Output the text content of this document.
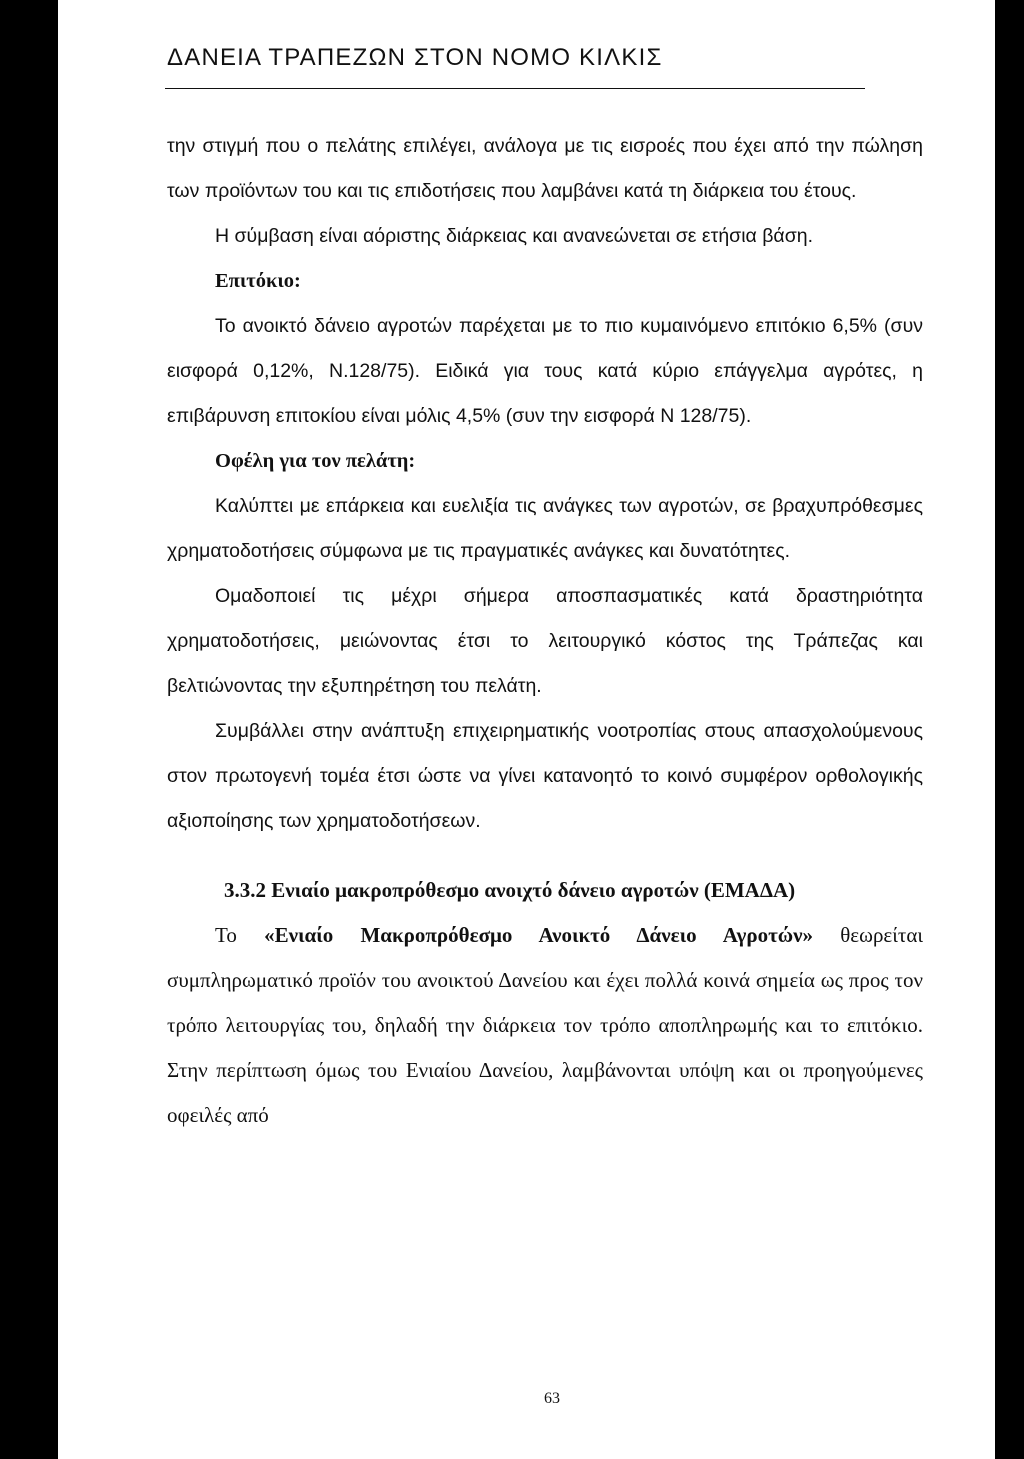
ΔΑΝΕΙΑ ΤΡΑΠΕΖΩΝ ΣΤΟΝ ΝΟΜΟ ΚΙΛΚΙΣ

την στιγμή που ο πελάτης επιλέγει, ανάλογα με τις εισροές που έχει από την πώληση των προϊόντων του και τις επιδοτήσεις που λαμβάνει κατά τη διάρκεια του έτους.

Η σύμβαση είναι αόριστης διάρκειας και ανανεώνεται σε ετήσια βάση.

Επιτόκιο:

Το ανοικτό δάνειο αγροτών παρέχεται με το πιο κυμαινόμενο επιτόκιο 6,5% (συν εισφορά 0,12%, Ν.128/75). Ειδικά για τους κατά κύριο επάγγελμα αγρότες, η επιβάρυνση επιτοκίου είναι μόλις 4,5% (συν την εισφορά Ν 128/75).

Οφέλη για τον πελάτη:

Καλύπτει με επάρκεια και ευελιξία τις ανάγκες των αγροτών, σε βραχυπρόθεσμες χρηματοδοτήσεις σύμφωνα με τις πραγματικές ανάγκες και δυνατότητες.

Ομαδοποιεί τις μέχρι σήμερα αποσπασματικές κατά δραστηριότητα χρηματοδοτήσεις, μειώνοντας έτσι το λειτουργικό κόστος της Τράπεζας και βελτιώνοντας την εξυπηρέτηση του πελάτη.

Συμβάλλει στην ανάπτυξη επιχειρηματικής νοοτροπίας στους απασχολούμενους στον πρωτογενή τομέα έτσι ώστε να γίνει κατανοητό το κοινό συμφέρον ορθολογικής αξιοποίησης των χρηματοδοτήσεων.

3.3.2 Ενιαίο μακροπρόθεσμο ανοιχτό δάνειο αγροτών (ΕΜΑΔΑ)

Το «Ενιαίο Μακροπρόθεσμο Ανοικτό Δάνειο Αγροτών» θεωρείται συμπληρωματικό προϊόν του ανοικτού Δανείου και έχει πολλά κοινά σημεία ως προς τον τρόπο λειτουργίας του, δηλαδή την διάρκεια τον τρόπο αποπληρωμής και το επιτόκιο. Στην περίπτωση όμως του Ενιαίου Δανείου, λαμβάνονται υπόψη και οι προηγούμενες οφειλές από

63
